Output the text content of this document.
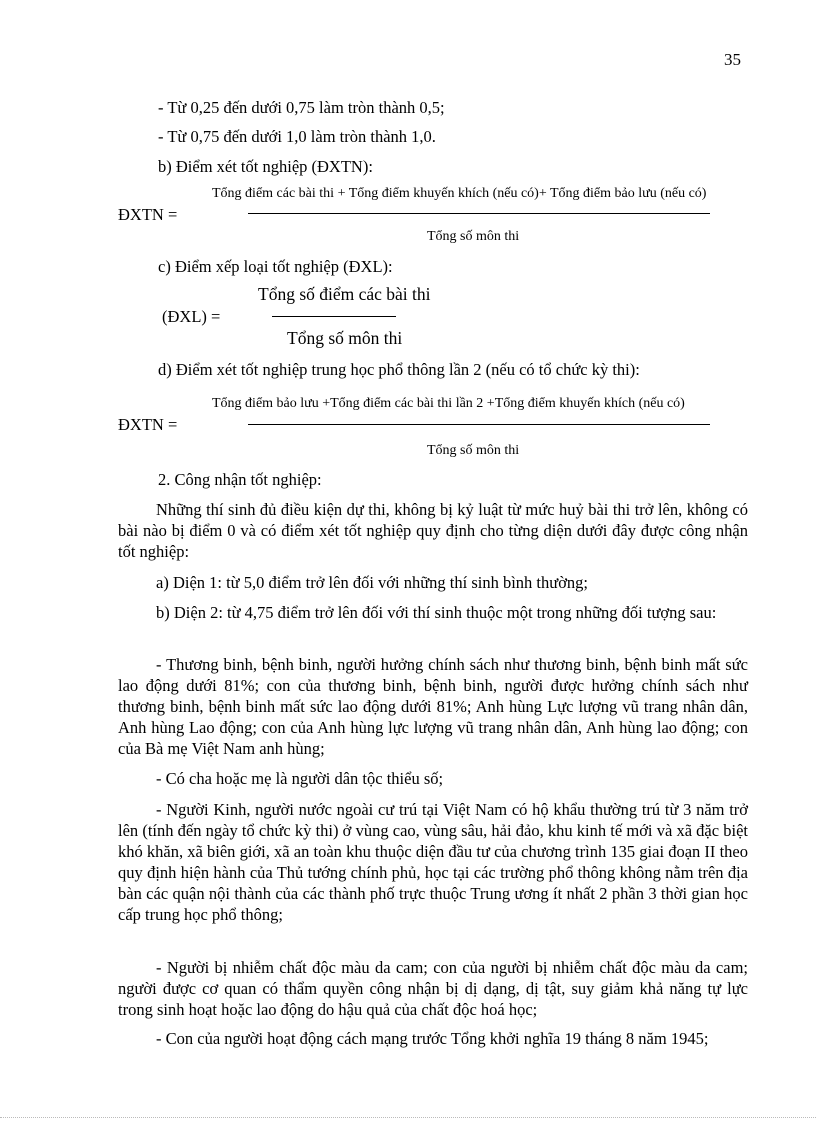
35
- Từ 0,25 đến dưới 0,75 làm tròn thành 0,5;
- Từ 0,75 đến dưới 1,0 làm tròn thành 1,0.
b) Điểm xét tốt nghiệp (ĐXTN):
Tổng điểm các bài thi + Tổng điểm khuyến khích (nếu có)+ Tổng điểm bảo lưu (nếu có)
ĐXTN =
Tổng số môn thi
c) Điểm xếp loại tốt nghiệp (ĐXL):
Tổng số điểm các bài thi
(ĐXL) =
Tổng số môn thi
d) Điểm xét tốt nghiệp trung học phổ thông lần 2 (nếu có tổ chức kỳ thi):
Tổng điểm bảo lưu +Tổng điểm các bài thi lần 2 +Tổng điểm khuyến khích (nếu có)
ĐXTN =
Tổng số môn thi
2. Công nhận tốt nghiệp:

Những thí sinh đủ điều kiện dự thi, không bị kỷ luật từ mức huỷ bài thi trở lên, không có bài nào bị điểm 0 và có điểm xét tốt nghiệp quy định cho từng diện dưới đây được công nhận tốt nghiệp:

a) Diện 1: từ 5,0 điểm trở lên đối với những thí sinh bình thường;

b) Diện 2: từ 4,75 điểm trở lên đối với thí sinh thuộc một trong những đối tượng sau:

- Thương binh, bệnh binh, người hưởng chính sách như thương binh, bệnh binh mất sức lao động dưới 81%; con của thương binh, bệnh binh, người được hưởng chính sách như thương binh, bệnh binh mất sức lao động dưới 81%; Anh hùng Lực lượng vũ trang nhân dân, Anh hùng Lao động; con của Anh hùng lực lượng vũ trang nhân dân, Anh hùng lao động; con của Bà mẹ Việt Nam anh hùng;

- Có cha hoặc mẹ là người dân tộc thiểu số;

- Người Kinh, người nước ngoài cư trú tại Việt Nam có hộ khẩu thường trú từ 3 năm trở lên (tính đến ngày tổ chức kỳ thi) ở vùng cao, vùng sâu, hải đảo, khu kinh tế mới và xã đặc biệt khó khăn, xã biên giới, xã an toàn khu thuộc diện đầu tư của chương trình 135 giai đoạn II theo quy định hiện hành của Thủ tướng chính phủ, học tại các trường phổ thông không nằm trên địa bàn các quận nội thành của các thành phố trực thuộc Trung ương ít nhất 2 phần 3 thời gian học cấp trung học phổ thông;

- Người bị nhiễm chất độc màu da cam; con của người bị nhiễm chất độc màu da cam; người được cơ quan có thẩm quyền công nhận bị dị dạng, dị tật, suy giảm khả năng tự lực trong sinh hoạt hoặc lao động do hậu quả của chất độc hoá học;

- Con của người hoạt động cách mạng trước Tổng khởi nghĩa 19 tháng 8 năm 1945;
